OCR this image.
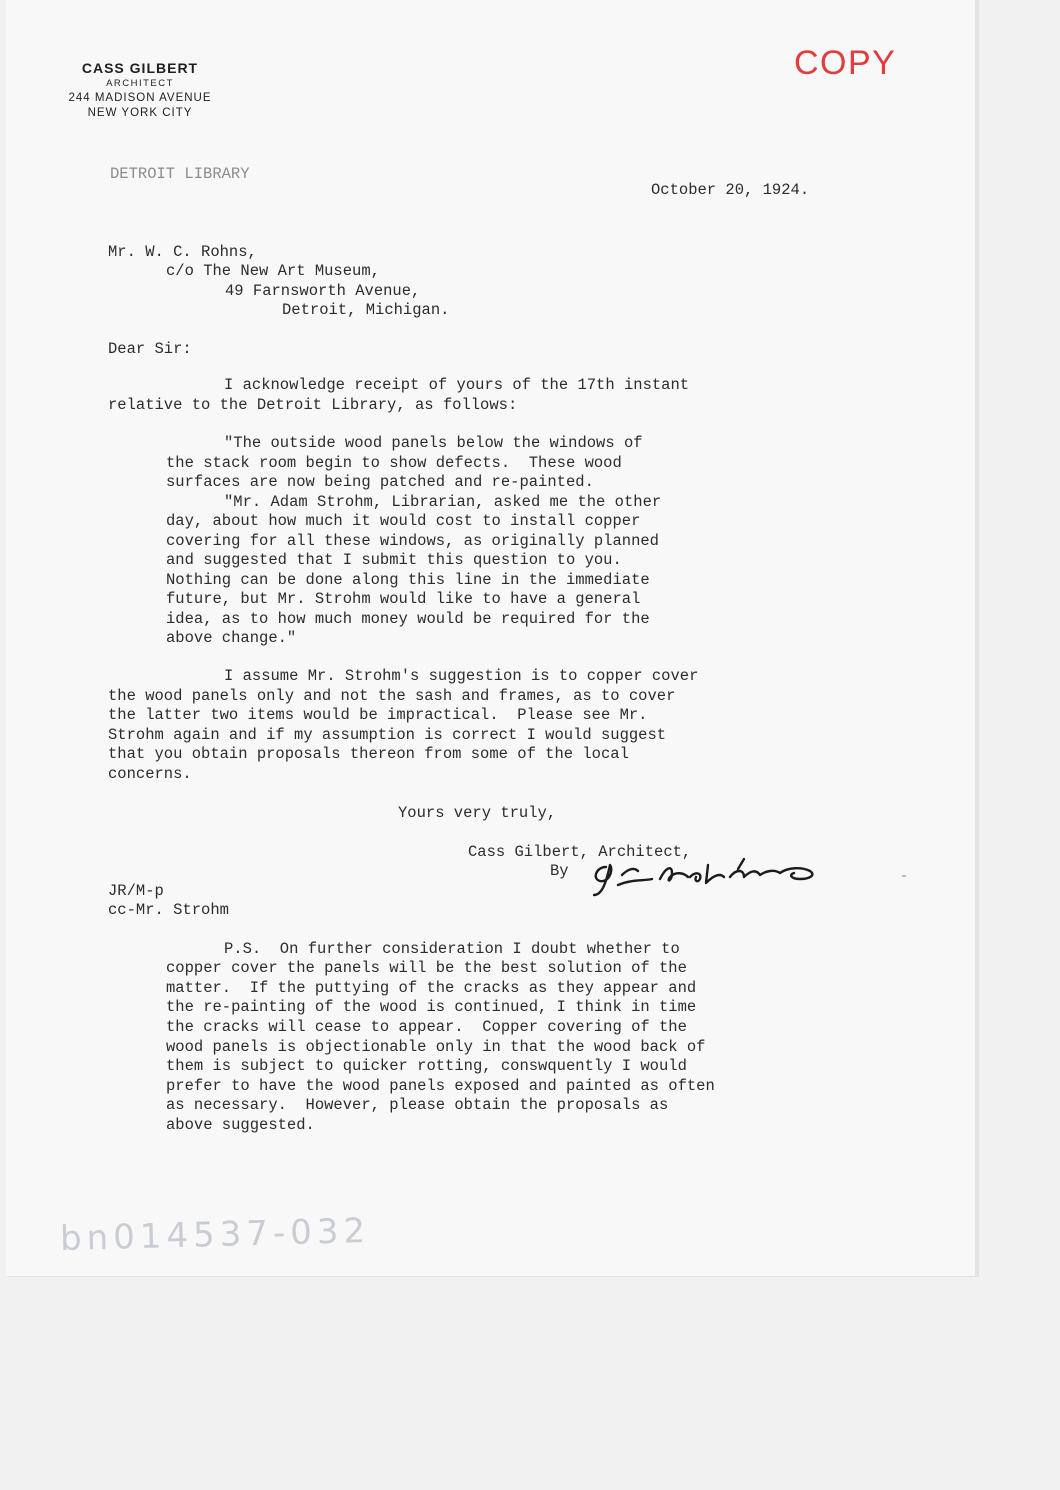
CASS GILBERT
ARCHITECT
244 MADISON AVENUE
NEW YORK CITY
COPY
DETROIT LIBRARY
October 20, 1924.
Mr. W. C. Rohns,
c/o The New Art Museum,
49 Farnsworth Avenue,
Detroit, Michigan.
Dear Sir:
I acknowledge receipt of yours of the 17th instant
relative to the Detroit Library, as follows:
"The outside wood panels below the windows of
the stack room begin to show defects.  These wood
surfaces are now being patched and re-painted.
"Mr. Adam Strohm, Librarian, asked me the other
day, about how much it would cost to install copper
covering for all these windows, as originally planned
and suggested that I submit this question to you.
Nothing can be done along this line in the immediate
future, but Mr. Strohm would like to have a general
idea, as to how much money would be required for the
above change."
I assume Mr. Strohm's suggestion is to copper cover
the wood panels only and not the sash and frames, as to cover
the latter two items would be impractical.  Please see Mr.
Strohm again and if my assumption is correct I would suggest
that you obtain proposals thereon from some of the local
concerns.
Yours very truly,
Cass Gilbert, Architect,
By
JR/M-p
cc-Mr. Strohm
P.S.  On further consideration I doubt whether to
copper cover the panels will be the best solution of the
matter.  If the puttying of the cracks as they appear and
the re-painting of the wood is continued, I think in time
the cracks will cease to appear.  Copper covering of the
wood panels is objectionable only in that the wood back of
them is subject to quicker rotting, conswquently I would
prefer to have the wood panels exposed and painted as often
as necessary.  However, please obtain the proposals as
above suggested.
bn014537-032
